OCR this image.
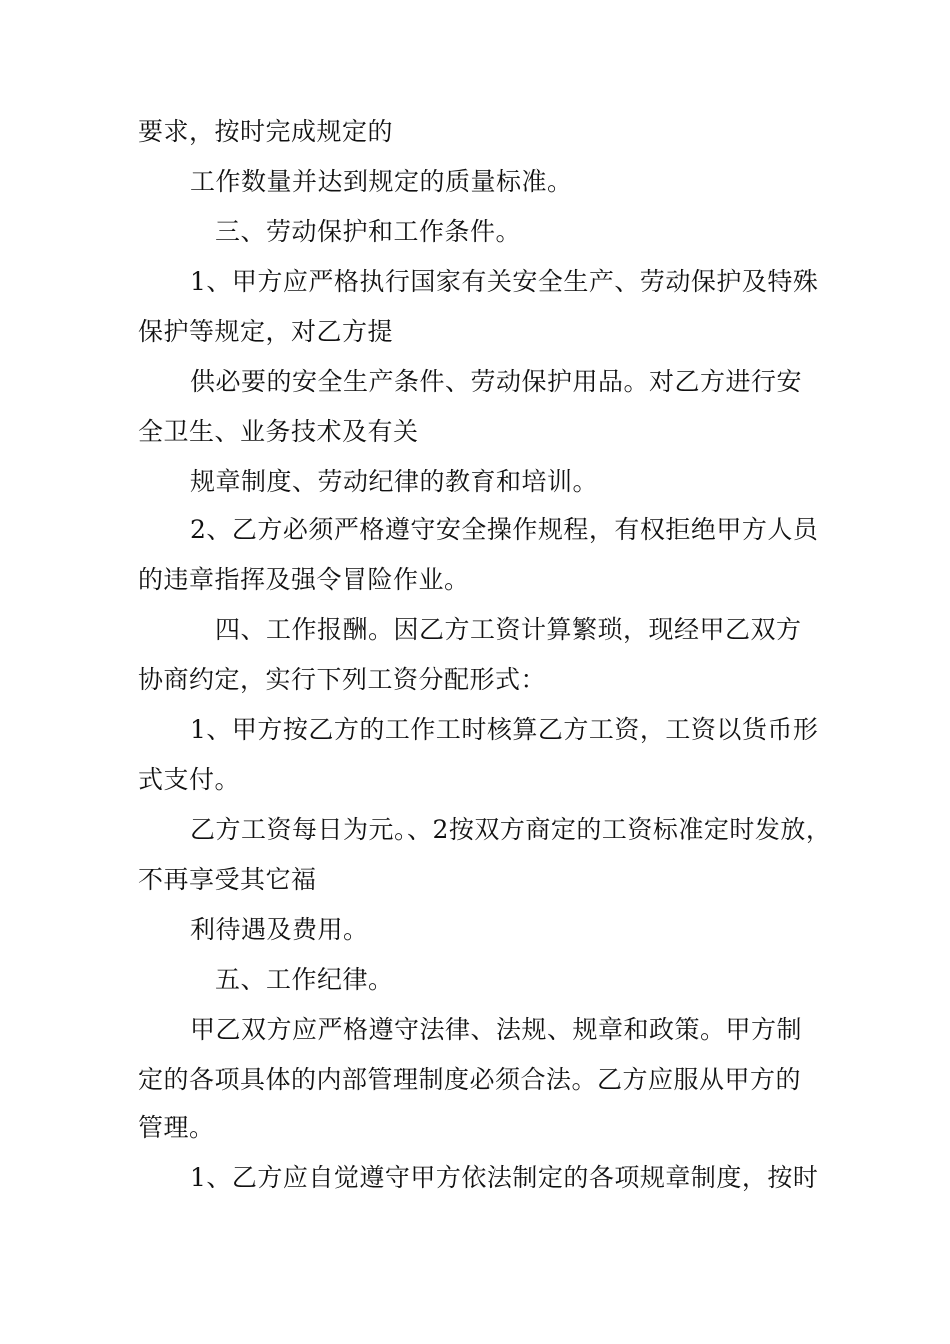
要求，按时完成规定的
工作数量并达到规定的质量标准。
三、劳动保护和工作条件。
1、甲方应严格执行国家有关安全生产、劳动保护及特殊
保护等规定，对乙方提
供必要的安全生产条件、劳动保护用品。对乙方进行安
全卫生、业务技术及有关
规章制度、劳动纪律的教育和培训。
2、乙方必须严格遵守安全操作规程，有权拒绝甲方人员
的违章指挥及强令冒险作业。
四、工作报酬。因乙方工资计算繁琐，现经甲乙双方
协商约定，实行下列工资分配形式：
1、甲方按乙方的工作工时核算乙方工资，工资以货币形
式支付。
乙方工资每日为元。、2按双方商定的工资标准定时发放，
不再享受其它福
利待遇及费用。
五、工作纪律。
甲乙双方应严格遵守法律、法规、规章和政策。甲方制
定的各项具体的内部管理制度必须合法。乙方应服从甲方的
管理。
1、乙方应自觉遵守甲方依法制定的各项规章制度，按时
